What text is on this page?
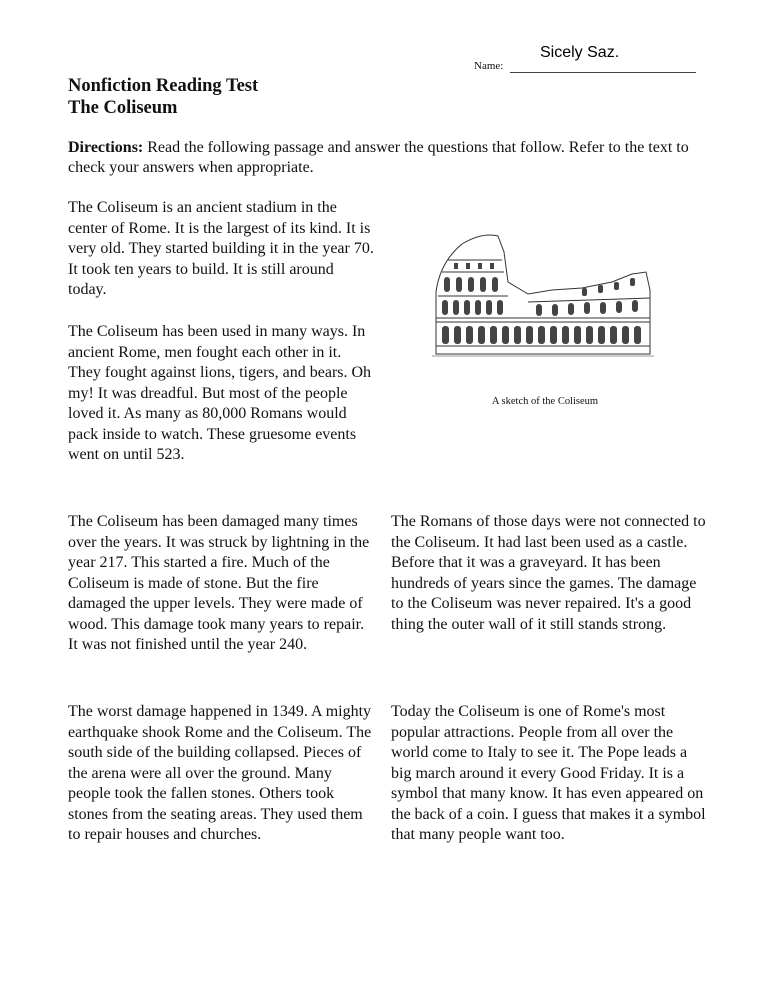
Name:
Sicely Saz.
Nonfiction Reading Test
The Coliseum
Directions: Read the following passage and answer the questions that follow. Refer to the text to check your answers when appropriate.

The Coliseum is an ancient stadium in the center of Rome. It is the largest of its kind. It is very old. They started building it in the year 70. It took ten years to build. It is still around today.

The Coliseum has been used in many ways. In ancient Rome, men fought each other in it. They fought against lions, tigers, and bears. Oh my! It was dreadful. But most of the people loved it. As many as 80,000 Romans would pack inside to watch. These gruesome events went on until 523.

A sketch of the Coliseum

The Coliseum has been damaged many times over the years. It was struck by lightning in the year 217. This started a fire. Much of the Coliseum is made of stone. But the fire damaged the upper levels. They were made of wood. This damage took many years to repair. It was not finished until the year 240.

The Romans of those days were not connected to the Coliseum. It had last been used as a castle. Before that it was a graveyard. It has been hundreds of years since the games. The damage to the Coliseum was never repaired. It's a good thing the outer wall of it still stands strong.

The worst damage happened in 1349. A mighty earthquake shook Rome and the Coliseum. The south side of the building collapsed. Pieces of the arena were all over the ground. Many people took the fallen stones. Others took stones from the seating areas. They used them to repair houses and churches.

Today the Coliseum is one of Rome's most popular attractions. People from all over the world come to Italy to see it. The Pope leads a big march around it every Good Friday. It is a symbol that many know. It has even appeared on the back of a coin. I guess that makes it a symbol that many people want too.
